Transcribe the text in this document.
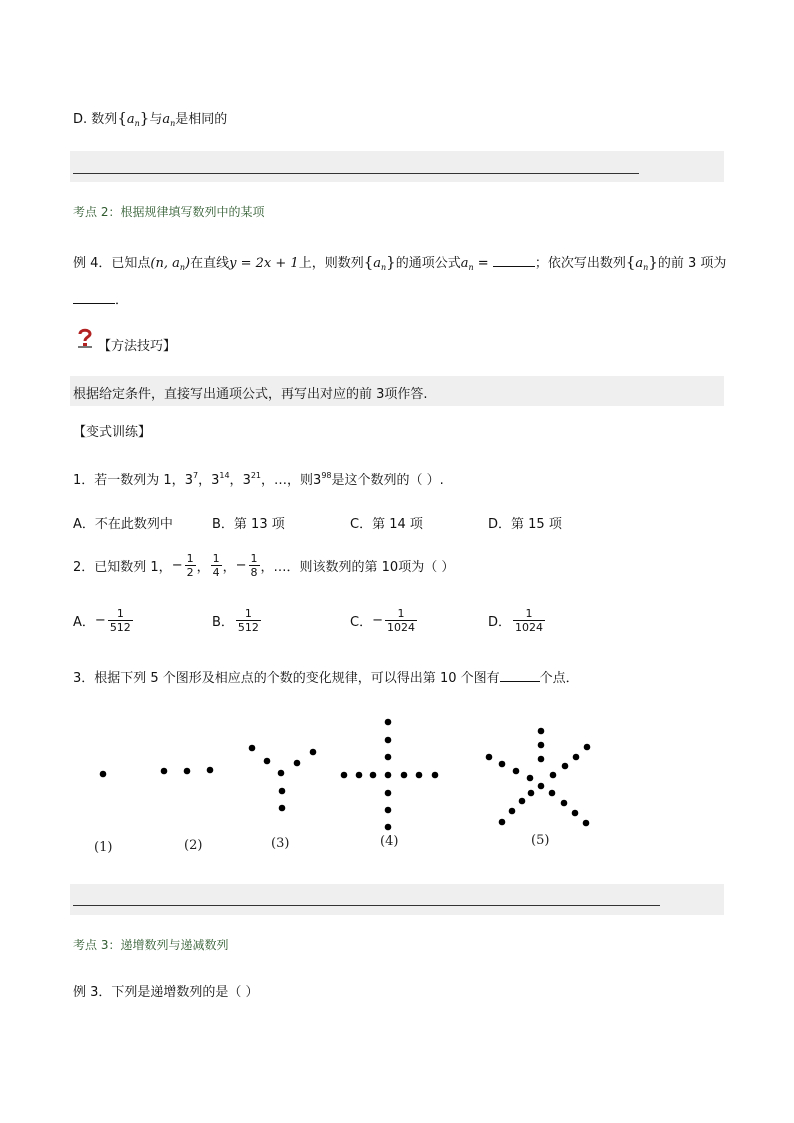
D. 数列$\{a_n\}$与$a_n$是相同的
考点 2：根据规律填写数列中的某项
例 4．已知点(n, $a_n$)在直线y = 2x + 1上，则数列$\{a_n\}$的通项公式$a_n$ =	；依次写出数列$\{a_n\}$的前 3 项为
．
【方法技巧】
根据给定条件，直接写出通项公式，再写出对应的前 3项作答.
【变式训练】
1．若一数列为 1，$3^7$，$3^{14}$，$3^{21}$，…，则$3^{98}$是这个数列的（ ）.
A．不在此数列中	B．第 13 项	C．第 14 项	D．第 15 项
2．已知数列 1， − $\frac{1}{2}$ ， $\frac{1}{4}$ ， − $\frac{1}{8}$ ，…．则该数列的第 10项为（ ）
A． − $\frac{1}{512}$	B． $\frac{1}{512}$	C． − $\frac{1}{1024}$	D． $\frac{1}{1024}$
3．根据下列 5 个图形及相应点的个数的变化规律，可以得出第 10 个图有	个点．
(1)	(2)	(3)	(4)	(5)
考点 3：递增数列与递减数列
例 3．下列是递增数列的是（ ）
